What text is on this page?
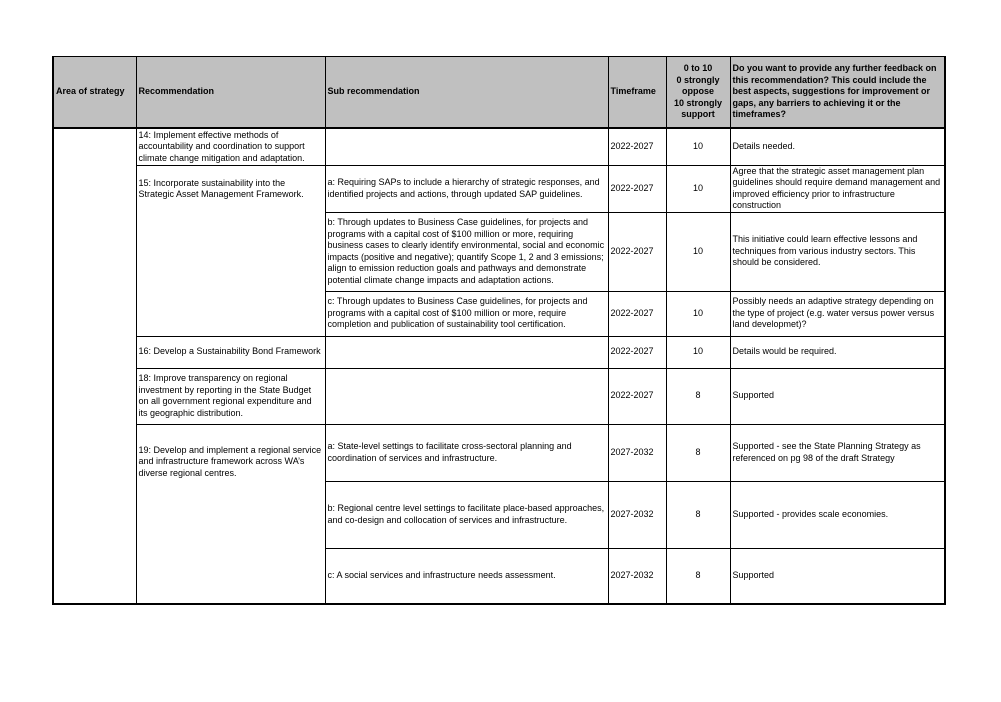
Area of strategy	Recommendation	Sub recommendation	Timeframe	0 to 10
0 strongly oppose
10 strongly support	Do you want to provide any further feedback on this recommendation? This could include the best aspects, suggestions for improvement or gaps, any barriers to achieving it or the timeframes?
	14: Implement effective methods of accountability and coordination to support climate change mitigation and adaptation.		2022-2027	10	Details needed.
	15: Incorporate sustainability into the Strategic Asset Management Framework.	a: Requiring SAPs to include a hierarchy of strategic responses, and identified projects and actions, through updated SAP guidelines.	2022-2027	10	Agree that the strategic asset management plan guidelines should require demand management and improved efficiency prior to infrastructure construction
		b: Through updates to Business Case guidelines, for projects and programs with a capital cost of $100 million or more, requiring business cases to clearly identify environmental, social and economic impacts (positive and negative); quantify Scope 1, 2 and 3 emissions; align to emission reduction goals and pathways and demonstrate potential climate change impacts and adaptation actions.	2022-2027	10	This initiative could learn effective lessons and techniques from various industry sectors. This should be considered.
		c: Through updates to Business Case guidelines, for projects and programs with a capital cost of $100 million or more, require completion and publication of sustainability tool certification.	2022-2027	10	Possibly needs an adaptive strategy depending on the type of project (e.g. water versus power versus land developmet)?
	16: Develop a Sustainability Bond Framework		2022-2027	10	Details would be required.
	18: Improve transparency on regional investment by reporting in the State Budget on all government regional expenditure and its geographic distribution.		2022-2027	8	Supported
	19: Develop and implement a regional service and infrastructure framework across WA’s diverse regional centres.	a: State-level settings to facilitate cross-sectoral planning and coordination of services and infrastructure.	2027-2032	8	Supported - see the State Planning Strategy as referenced on pg 98 of the draft Strategy
		b: Regional centre level settings to facilitate place-based approaches, and co-design and collocation of services and infrastructure.	2027-2032	8	Supported - provides scale economies.
		c: A social services and infrastructure needs assessment.	2027-2032	8	Supported
